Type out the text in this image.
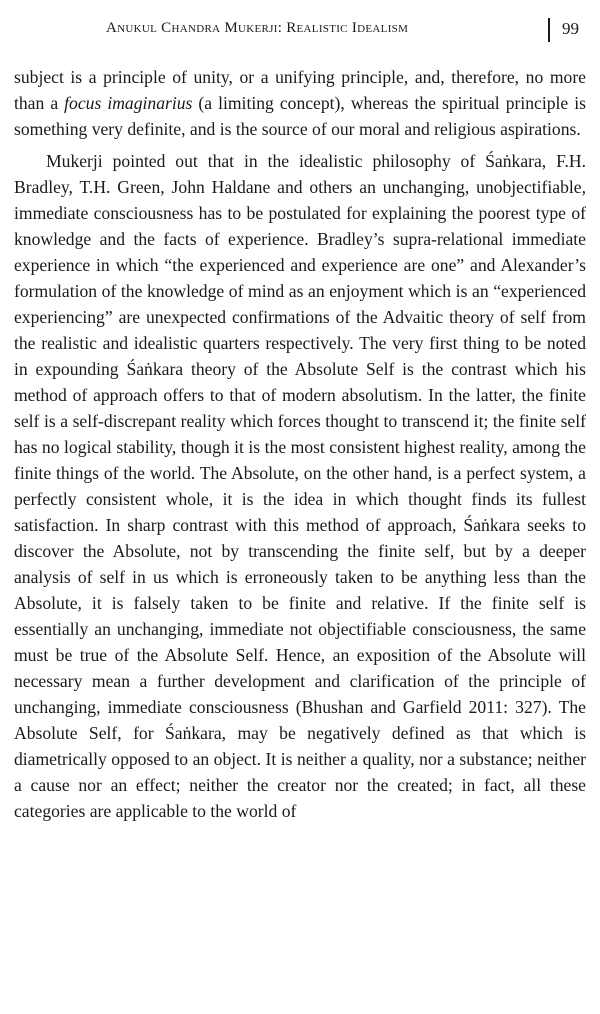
Anukul Chandra Mukerji: Realistic Idealism	99

subject is a principle of unity, or a unifying principle, and, therefore, no more than a focus imaginarius (a limiting concept), whereas the spiritual principle is something very definite, and is the source of our moral and religious aspirations.

Mukerji pointed out that in the idealistic philosophy of Śaṅkara, F.H. Bradley, T.H. Green, John Haldane and others an unchanging, unobjectifiable, immediate consciousness has to be postulated for explaining the poorest type of knowledge and the facts of experience. Bradley’s supra-relational immediate experience in which “the experienced and experience are one” and Alexander’s formulation of the knowledge of mind as an enjoyment which is an “experienced experiencing” are unexpected confirmations of the Advaitic theory of self from the realistic and idealistic quarters respectively. The very first thing to be noted in expounding Śaṅkara theory of the Absolute Self is the contrast which his method of approach offers to that of modern absolutism. In the latter, the finite self is a self-discrepant reality which forces thought to transcend it; the finite self has no logical stability, though it is the most consistent highest reality, among the finite things of the world. The Absolute, on the other hand, is a perfect system, a perfectly consistent whole, it is the idea in which thought finds its fullest satisfaction. In sharp contrast with this method of approach, Śaṅkara seeks to discover the Absolute, not by transcending the finite self, but by a deeper analysis of self in us which is erroneously taken to be anything less than the Absolute, it is falsely taken to be finite and relative. If the finite self is essentially an unchanging, immediate not objectifiable consciousness, the same must be true of the Absolute Self. Hence, an exposition of the Absolute will necessary mean a further development and clarification of the principle of unchanging, immediate consciousness (Bhushan and Garfield 2011: 327). The Absolute Self, for Śaṅkara, may be negatively defined as that which is diametrically opposed to an object. It is neither a quality, nor a substance; neither a cause nor an effect; neither the creator nor the created; in fact, all these categories are applicable to the world of
